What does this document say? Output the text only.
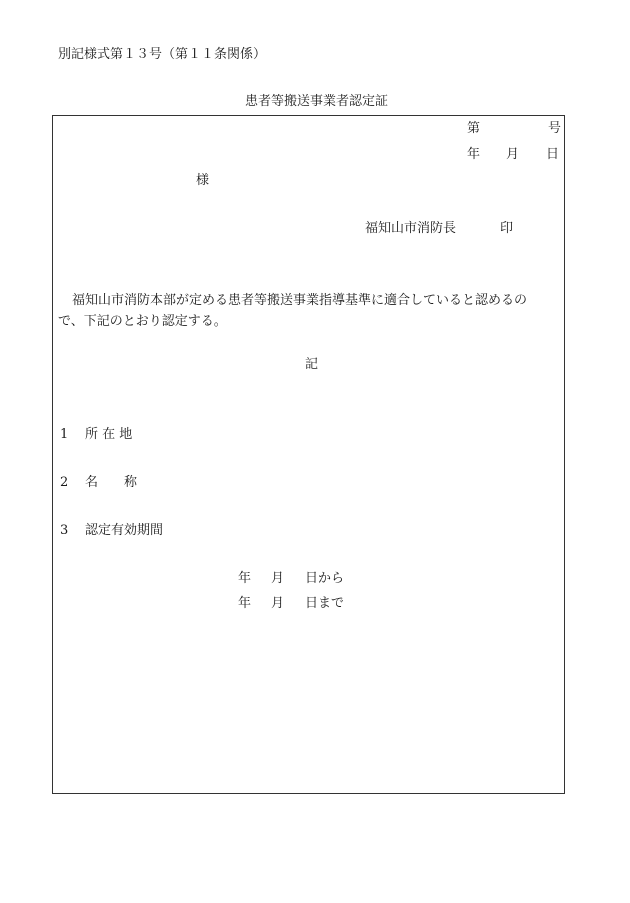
別記様式第１３号（第１１条関係）
患者等搬送事業者認定証
第	号
年 月 日
様
福知山市消防長	印
福知山市消防本部が定める患者等搬送事業指導基準に適合していると認めるの
で、下記のとおり認定する。
記
1 所 在 地
2 名　　称
3 認定有効期間
年 月 日から
年 月 日まで
